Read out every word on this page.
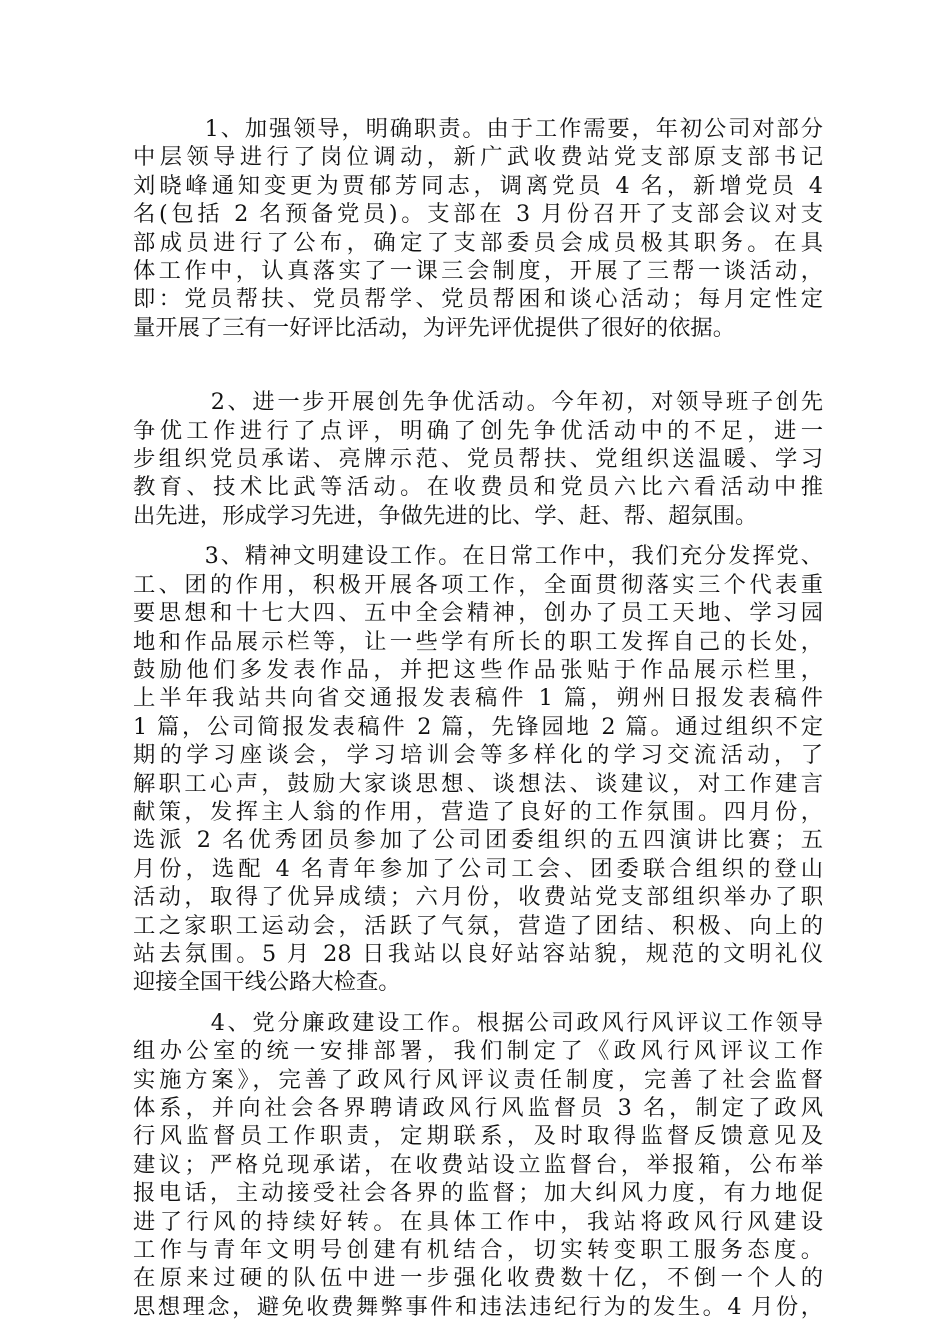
1、加强领导，明确职责。由于工作需要，年初公司对部分
中层领导进行了岗位调动，新广武收费站党支部原支部书记
刘晓峰通知变更为贾郁芳同志，调离党员 4 名，新增党员 4
名(包括 2 名预备党员)。支部在 3 月份召开了支部会议对支
部成员进行了公布，确定了支部委员会成员极其职务。在具
体工作中，认真落实了一课三会制度，开展了三帮一谈活动，
即：党员帮扶、党员帮学、党员帮困和谈心活动；每月定性定
量开展了三有一好评比活动，为评先评优提供了很好的依据。

2、进一步开展创先争优活动。今年初，对领导班子创先
争优工作进行了点评，明确了创先争优活动中的不足，进一
步组织党员承诺、亮牌示范、党员帮扶、党组织送温暖、学习
教育、技术比武等活动。在收费员和党员六比六看活动中推
出先进，形成学习先进，争做先进的比、学、赶、帮、超氛围。

3、精神文明建设工作。在日常工作中，我们充分发挥党、
工、团的作用，积极开展各项工作，全面贯彻落实三个代表重
要思想和十七大四、五中全会精神，创办了员工天地、学习园
地和作品展示栏等，让一些学有所长的职工发挥自己的长处，
鼓励他们多发表作品，并把这些作品张贴于作品展示栏里，
上半年我站共向省交通报发表稿件 1 篇，朔州日报发表稿件
1 篇，公司简报发表稿件 2 篇，先锋园地 2 篇。通过组织不定
期的学习座谈会，学习培训会等多样化的学习交流活动，了
解职工心声，鼓励大家谈思想、谈想法、谈建议，对工作建言
献策，发挥主人翁的作用，营造了良好的工作氛围。四月份，
选派 2 名优秀团员参加了公司团委组织的五四演讲比赛；五
月份，选配 4 名青年参加了公司工会、团委联合组织的登山
活动，取得了优异成绩；六月份，收费站党支部组织举办了职
工之家职工运动会，活跃了气氛，营造了团结、积极、向上的
站去氛围。5 月 28 日我站以良好站容站貌，规范的文明礼仪
迎接全国干线公路大检查。

4、党分廉政建设工作。根据公司政风行风评议工作领导
组办公室的统一安排部署，我们制定了《政风行风评议工作
实施方案》，完善了政风行风评议责任制度，完善了社会监督
体系，并向社会各界聘请政风行风监督员 3 名，制定了政风
行风监督员工作职责，定期联系，及时取得监督反馈意见及
建议；严格兑现承诺，在收费站设立监督台，举报箱，公布举
报电话，主动接受社会各界的监督；加大纠风力度，有力地促
进了行风的持续好转。在具体工作中，我站将政风行风建设
工作与青年文明号创建有机结合，切实转变职工服务态度。
在原来过硬的队伍中进一步强化收费数十亿，不倒一个人的
思想理念，避免收费舞弊事件和违法违纪行为的发生。4 月份，
